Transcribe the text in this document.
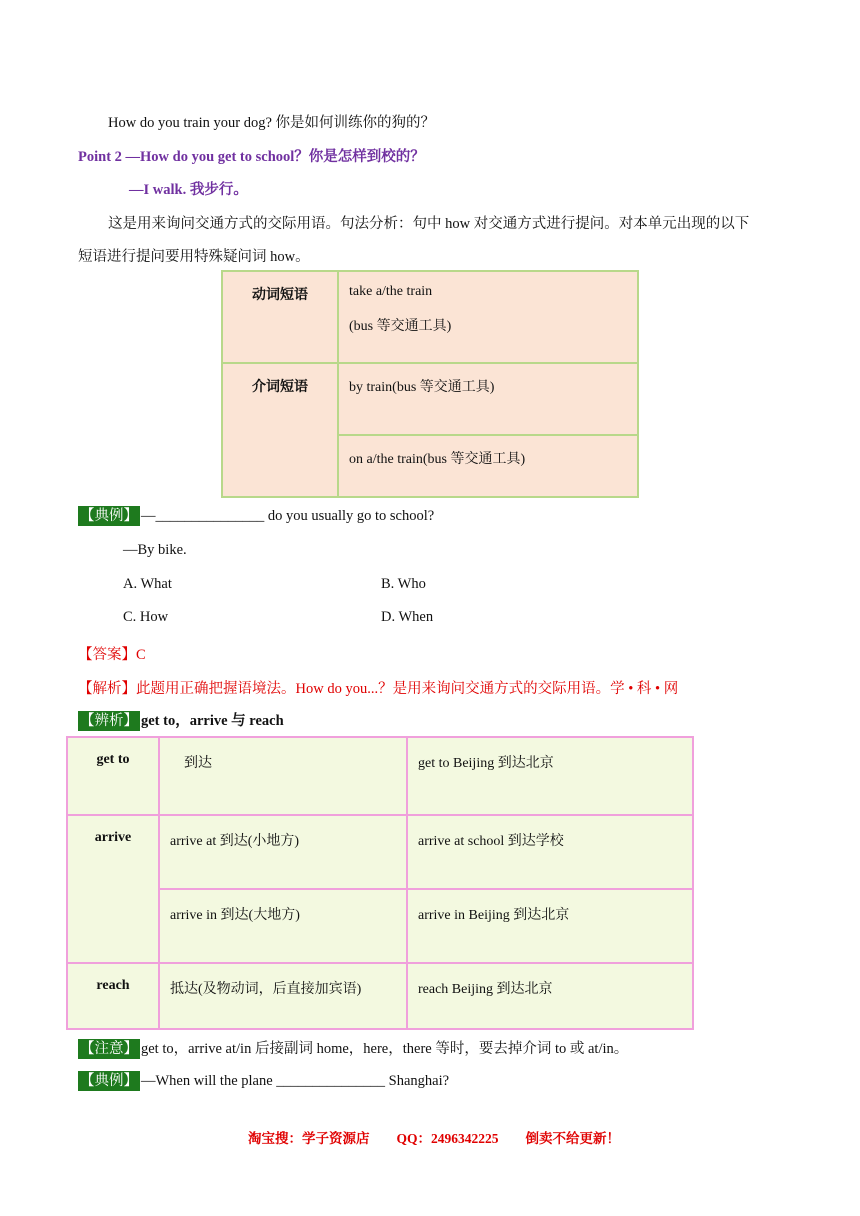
How do you train your dog? 你是如何训练你的狗的？
Point 2 —How do you get to school？你是怎样到校的？
—I walk. 我步行。
这是用来询问交通方式的交际用语。句法分析：句中 how 对交通方式进行提问。对本单元出现的以下
短语进行提问要用特殊疑问词 how。
动词短语	take a/the train

(bus 等交通工具)

介词短语	by train(bus 等交通工具)
	on a/the train(bus 等交通工具)
【典例】 —_______________ do you usually go to school?
—By bike.
A. What	B. Who
C. How	D. When
【答案】C
【解析】此题用正确把握语境法。How do you...？是用来询问交通方式的交际用语。学 • 科 • 网
【辨析】 get to，arrive 与 reach
get to	　到达	get to Beijing 到达北京
arrive	arrive at 到达(小地方)	arrive at school 到达学校
	arrive in 到达(大地方)	arrive in Beijing 到达北京
reach	抵达(及物动词，后直接加宾语)	reach Beijing 到达北京
【注意】 get to，arrive at/in 后接副词 home，here，there 等时，要去掉介词 to 或 at/in。
【典例】 —When will the plane _______________ Shanghai?
淘宝搜：学子资源店　　QQ：2496342225　　倒卖不给更新！
